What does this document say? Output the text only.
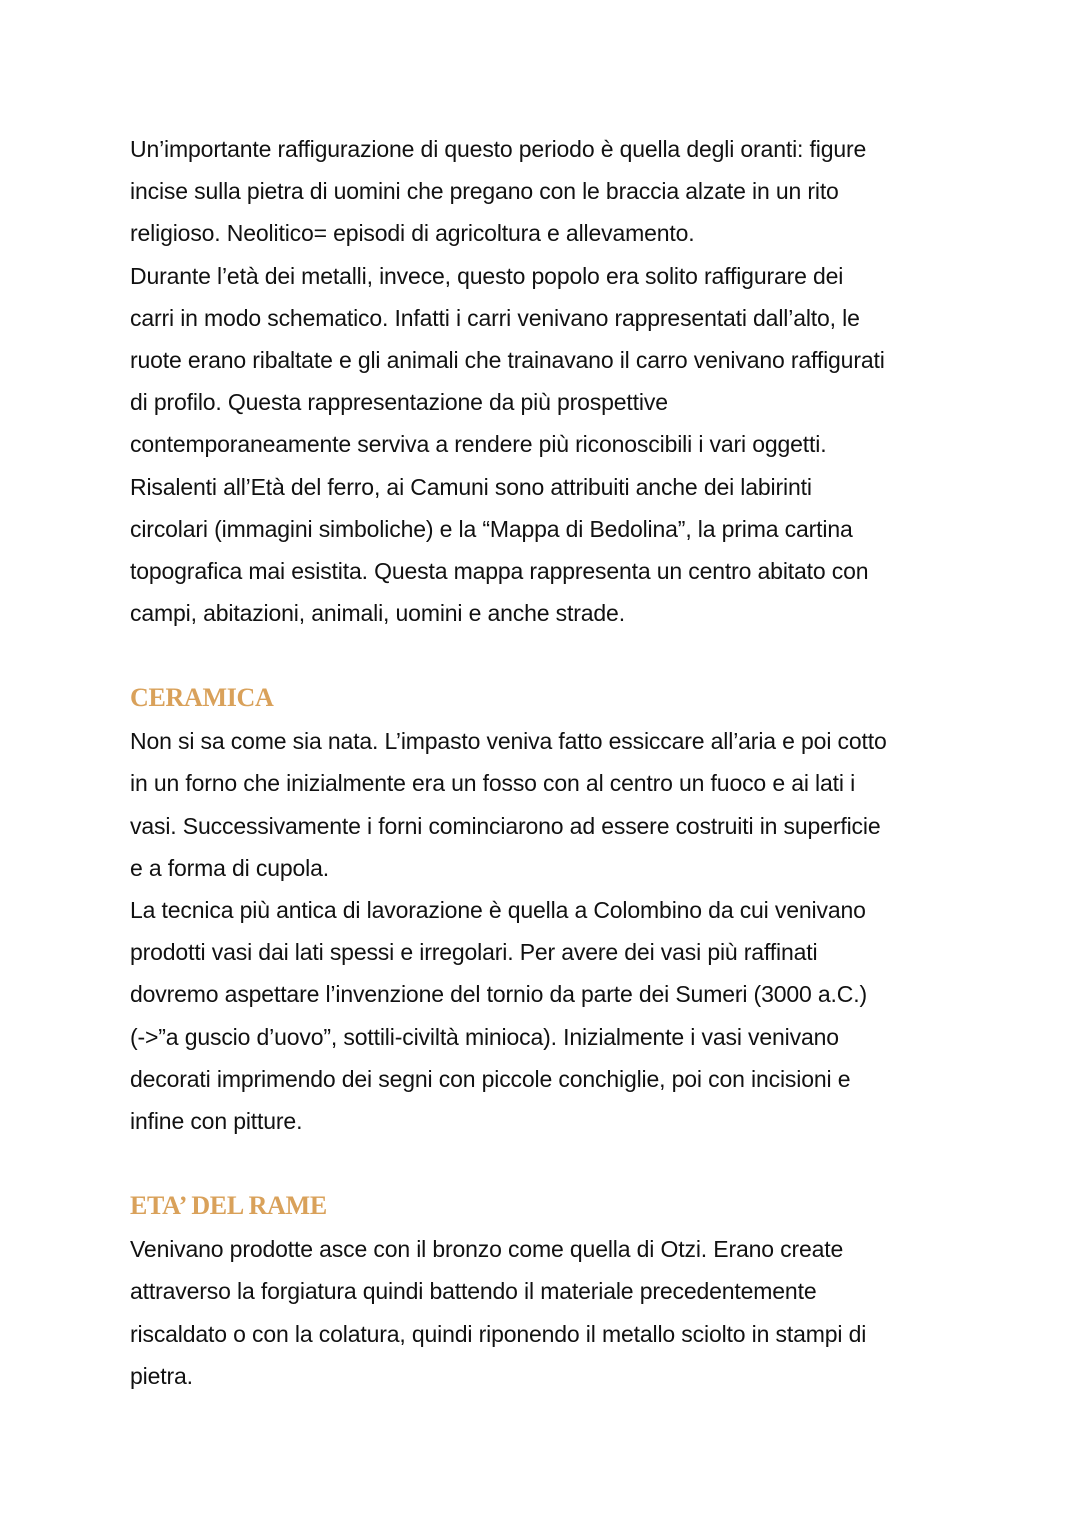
Un’importante raffigurazione di questo periodo è quella degli oranti: figure
incise sulla pietra di uomini che pregano con le braccia alzate in un rito
religioso. Neolitico= episodi di agricoltura e allevamento.
Durante l’età dei metalli, invece, questo popolo era solito raffigurare dei
carri in modo schematico. Infatti i carri venivano rappresentati dall’alto, le
ruote erano ribaltate e gli animali che trainavano il carro venivano raffigurati
di profilo. Questa rappresentazione da più prospettive
contemporaneamente serviva a rendere più riconoscibili i vari oggetti.
Risalenti all’Età del ferro, ai Camuni sono attribuiti anche dei labirinti
circolari (immagini simboliche) e la “Mappa di Bedolina”, la prima cartina
topografica mai esistita. Questa mappa rappresenta un centro abitato con
campi, abitazioni, animali, uomini e anche strade.
CERAMICA
Non si sa come sia nata. L’impasto veniva fatto essiccare all’aria e poi cotto
in un forno che inizialmente era un fosso con al centro un fuoco e ai lati i
vasi. Successivamente i forni cominciarono ad essere costruiti in superficie
e a forma di cupola.
La tecnica più antica di lavorazione è quella a Colombino da cui venivano
prodotti vasi dai lati spessi e irregolari. Per avere dei vasi più raffinati
dovremo aspettare l’invenzione del tornio da parte dei Sumeri (3000 a.C.)
(->”a guscio d’uovo”, sottili-civiltà minioca). Inizialmente i vasi venivano
decorati imprimendo dei segni con piccole conchiglie, poi con incisioni e
infine con pitture.
ETA’ DEL RAME
Venivano prodotte asce con il bronzo come quella di Otzi. Erano create
attraverso la forgiatura quindi battendo il materiale precedentemente
riscaldato o con la colatura, quindi riponendo il metallo sciolto in stampi di
pietra.
